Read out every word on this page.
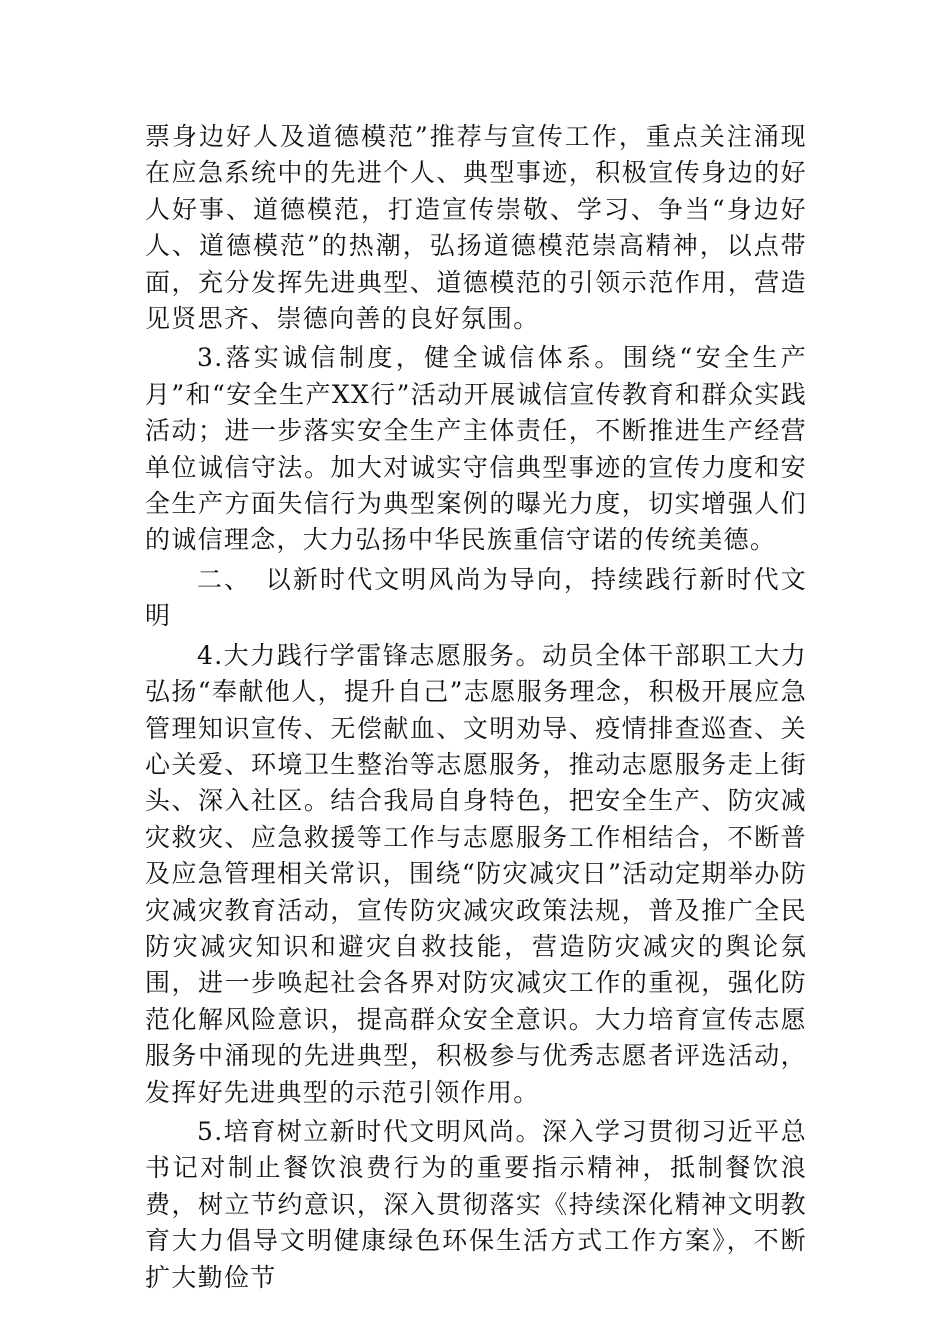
票身边好人及道德模范”推荐与宣传工作，重点关注涌现在应急系统中的先进个人、典型事迹，积极宣传身边的好人好事、道德模范，打造宣传崇敬、学习、争当“身边好人、道德模范”的热潮，弘扬道德模范崇高精神，以点带面，充分发挥先进典型、道德模范的引领示范作用，营造见贤思齐、崇德向善的良好氛围。

3.落实诚信制度，健全诚信体系。围绕“安全生产月”和“安全生产XX行”活动开展诚信宣传教育和群众实践活动；进一步落实安全生产主体责任，不断推进生产经营单位诚信守法。加大对诚实守信典型事迹的宣传力度和安全生产方面失信行为典型案例的曝光力度，切实增强人们的诚信理念，大力弘扬中华民族重信守诺的传统美德。

二、　以新时代文明风尚为导向，持续践行新时代文明

4.大力践行学雷锋志愿服务。动员全体干部职工大力弘扬“奉献他人，提升自己”志愿服务理念，积极开展应急管理知识宣传、无偿献血、文明劝导、疫情排查巡查、关心关爱、环境卫生整治等志愿服务，推动志愿服务走上街头、深入社区。结合我局自身特色，把安全生产、防灾减灾救灾、应急救援等工作与志愿服务工作相结合，不断普及应急管理相关常识，围绕“防灾减灾日”活动定期举办防灾减灾教育活动，宣传防灾减灾政策法规，普及推广全民防灾减灾知识和避灾自救技能，营造防灾减灾的舆论氛围，进一步唤起社会各界对防灾减灾工作的重视，强化防范化解风险意识，提高群众安全意识。大力培育宣传志愿服务中涌现的先进典型，积极参与优秀志愿者评选活动，发挥好先进典型的示范引领作用。

5.培育树立新时代文明风尚。深入学习贯彻习近平总书记对制止餐饮浪费行为的重要指示精神，抵制餐饮浪费，树立节约意识，深入贯彻落实《持续深化精神文明教育大力倡导文明健康绿色环保生活方式工作方案》，不断扩大勤俭节
